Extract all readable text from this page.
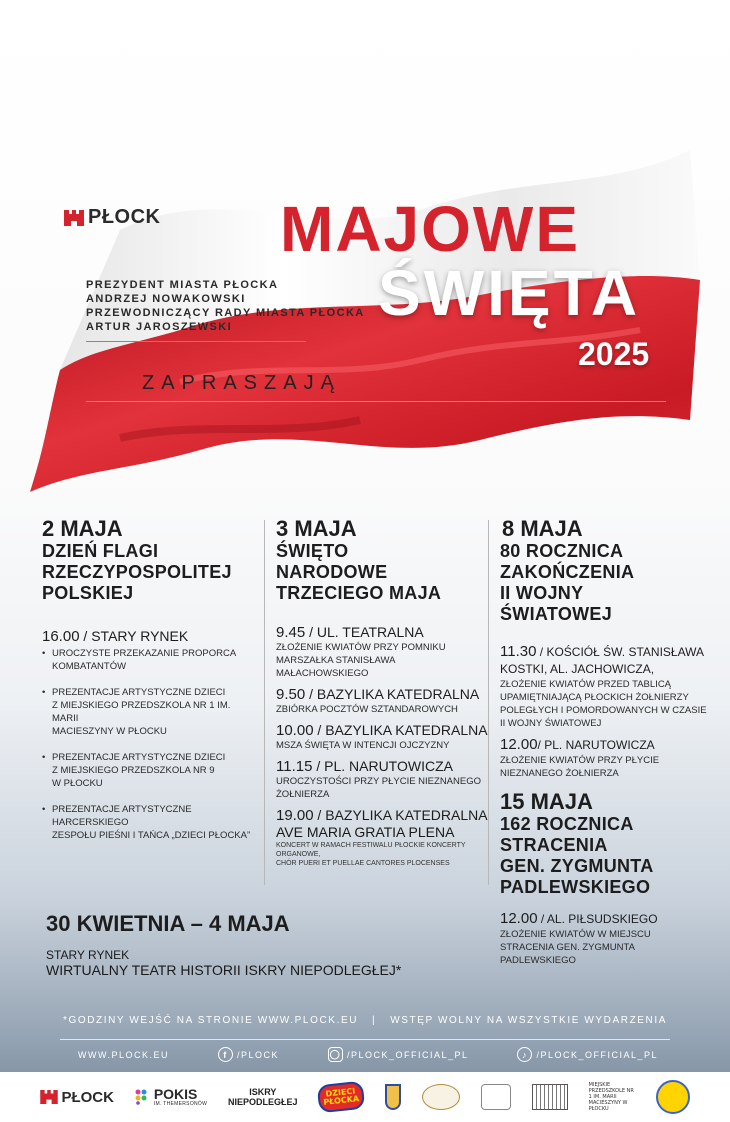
PŁOCK
PREZYDENT MIASTA PŁOCKA
ANDRZEJ NOWAKOWSKI
PRZEWODNICZĄCY RADY MIASTA PŁOCKA
ARTUR JAROSZEWSKI
ZAPRASZAJĄ
MAJOWE
ŚWIĘTA
2025
2 MAJA
DZIEŃ FLAGI
RZECZYPOSPOLITEJ
POLSKIEJ
16.00 / STARY RYNEK
• UROCZYSTE PRZEKAZANIE PROPORCA
KOMBATANTÓW
• PREZENTACJE ARTYSTYCZNE DZIECI
Z MIEJSKIEGO PRZEDSZKOLA NR 1 IM. MARII
MACIESZYNY W PŁOCKU
• PREZENTACJE ARTYSTYCZNE DZIECI
Z MIEJSKIEGO PRZEDSZKOLA NR 9
W PŁOCKU
• PREZENTACJE ARTYSTYCZNE HARCERSKIEGO
ZESPOŁU PIEŚNI I TAŃCA „DZIECI PŁOCKA”
3 MAJA
ŚWIĘTO
NARODOWE
TRZECIEGO MAJA
9.45 / UL. TEATRALNA
ZŁOŻENIE KWIATÓW PRZY POMNIKU
MARSZAŁKA STANISŁAWA
MAŁACHOWSKIEGO
9.50 / BAZYLIKA KATEDRALNA
ZBIÓRKA POCZTÓW SZTANDAROWYCH
10.00 / BAZYLIKA KATEDRALNA
MSZA ŚWIĘTA W INTENCJI OJCZYZNY
11.15 / PL. NARUTOWICZA
UROCZYSTOŚCI PRZY PŁYCIE NIEZNANEGO
ŻOŁNIERZA
19.00 / BAZYLIKA KATEDRALNA
AVE MARIA GRATIA PLENA
KONCERT W RAMACH FESTIWALU PŁOCKIE KONCERTY ORGANOWE,
CHÓR PUERI ET PUELLAE CANTORES PLOCENSES
8 MAJA
80 ROCZNICA
ZAKOŃCZENIA
II WOJNY
ŚWIATOWEJ
11.30 / KOŚCIÓŁ ŚW. STANISŁAWA
KOSTKI, AL. JACHOWICZA,
ZŁOŻENIE KWIATÓW PRZED TABLICĄ
UPAMIĘTNIAJĄCĄ PŁOCKICH ŻOŁNIERZY
POLEGŁYCH I POMORDOWANYCH W CZASIE
II WOJNY ŚWIATOWEJ
12.00/ PL. NARUTOWICZA
ZŁOŻENIE KWIATÓW PRZY PŁYCIE
NIEZNANEGO ŻOŁNIERZA
15 MAJA
162 ROCZNICA
STRACENIA
GEN. ZYGMUNTA
PADLEWSKIEGO
12.00 / AL. PIŁSUDSKIEGO
ZŁOŻENIE KWIATÓW W MIEJSCU
STRACENIA GEN. ZYGMUNTA PADLEWSKIEGO
30 KWIETNIA – 4 MAJA
STARY RYNEK
WIRTUALNY TEATR HISTORII ISKRY NIEPODLEGŁEJ*
*GODZINY WEJŚĆ NA STRONIE WWW.PLOCK.EU | WSTĘP WOLNY NA WSZYSTKIE WYDARZENIA
WWW.PLOCK.EU	f	/PLOCK	◯ /PLOCK_OFFICIAL_PL	♪ /PLOCK_OFFICIAL_PL
PŁOCK	POKIS
IM. THEMERSONÓW
ISKRY
NIEPODLEGŁEJ
DZIECI
PŁOCKA
MIEJSKIE PRZEDSZKOLE NR 1 IM. MARII MACIESZYNY W PŁOCKU
